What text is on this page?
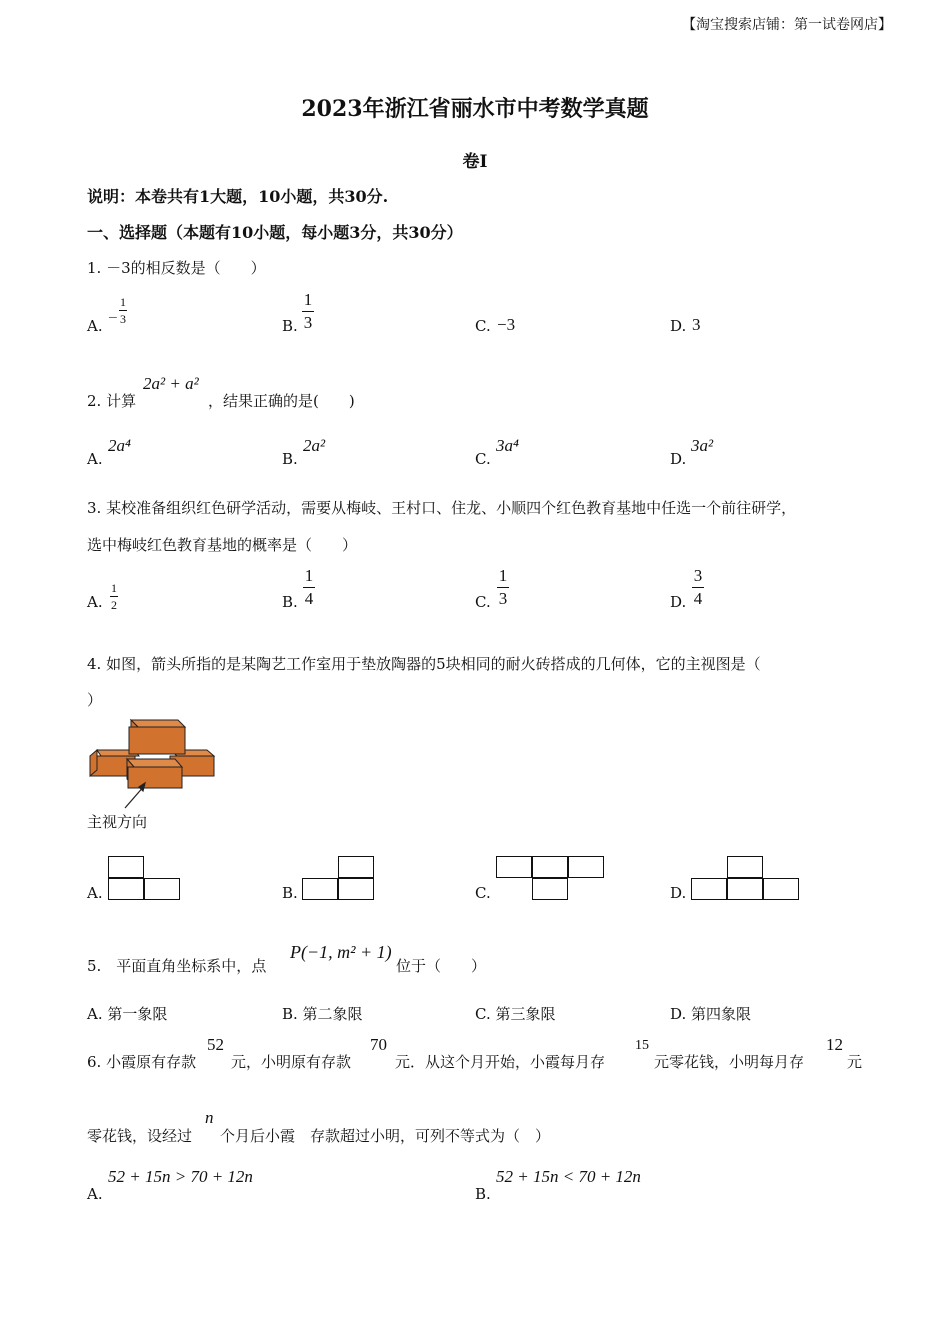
【淘宝搜索店铺：第一试卷网店】
2023年浙江省丽水市中考数学真题
卷Ⅰ
说明：本卷共有1大题，10小题，共30分.
一、选择题（本题有10小题，每小题3分，共30分）
1. －3的相反数是（　　）
A. −
1
3	B.
1
3	C. −3	D. 3
2. 计算
2a² + a²
，结果正确的是(　　)
A.
2a⁴
B.
2a²
C.
3a⁴
D.
3a²
3. 某校准备组织红色研学活动，需要从梅岐、王村口、住龙、小顺四个红色教育基地中任选一个前往研学，
选中梅岐红色教育基地的概率是（　　）
A.
1
2	B.
1
4	C.
1
3	D.
3
4
4. 如图，箭头所指的是某陶艺工作室用于垫放陶器的5块相同的耐火砖搭成的几何体，它的主视图是（
）
主视方向
A.	B.	C.	D.
5.　平面直角坐标系中，点
P(−1, m² + 1)
位于（　　）
A. 第一象限	B. 第二象限	C. 第三象限	D. 第四象限
6. 小霞原有存款
52
元，小明原有存款
70
元．从这个月开始，小霞每月存
15
元零花钱，小明每月存
12
元
零花钱，设经过
n
个月后小霞　存款超过小明，可列不等式为（　）
A.
52 + 15n > 70 + 12n
B.
52 + 15n < 70 + 12n
